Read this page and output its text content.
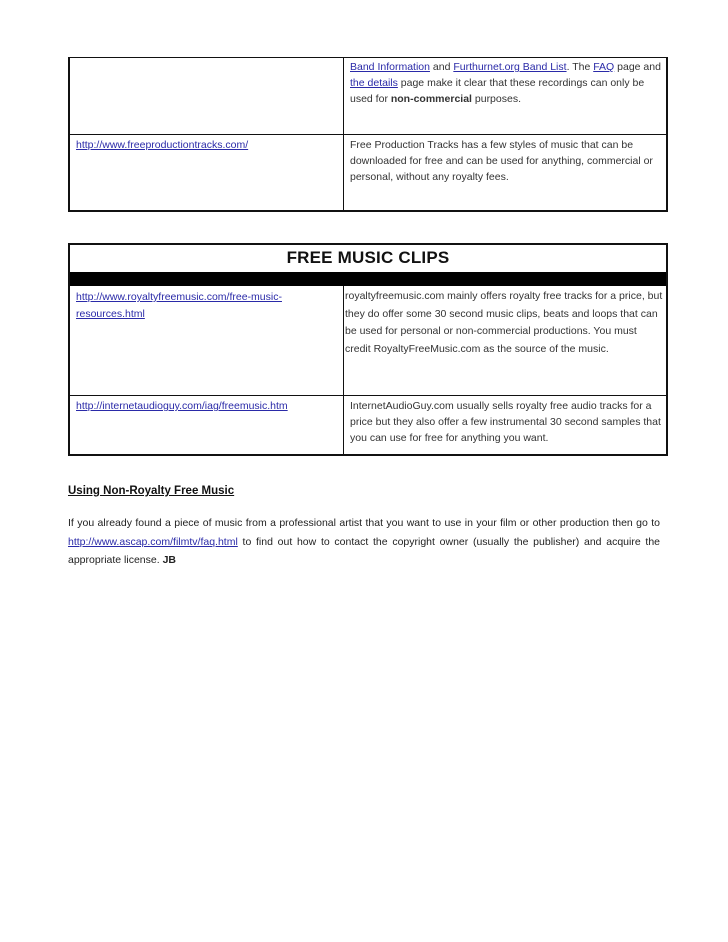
Band Information and Furthurnet.org Band List. The FAQ page and the details page make it clear that these recordings can only be used for non-commercial purposes.
http://www.freeproductiontracks.com/	Free Production Tracks has a few styles of music that can be downloaded for free and can be used for anything, commercial or personal, without any royalty fees.
FREE MUSIC CLIPS
http://www.royaltyfreemusic.com/free-music-resources.html
royaltyfreemusic.com mainly offers royalty free tracks for a price, but they do offer some 30 second music clips, beats and loops that can be used for personal or non-commercial productions. You must credit RoyaltyFreeMusic.com as the source of the music.
http://internetaudioguy.com/iag/freemusic.htm	InternetAudioGuy.com usually sells royalty free audio tracks for a price but they also offer a few instrumental 30 second samples that you can use for free for anything you want.
Using Non-Royalty Free Music
If you already found a piece of music from a professional artist that you want to use in your film or other production then go to http://www.ascap.com/filmtv/faq.html to find out how to contact the copyright owner (usually the publisher) and acquire the appropriate license. JB
